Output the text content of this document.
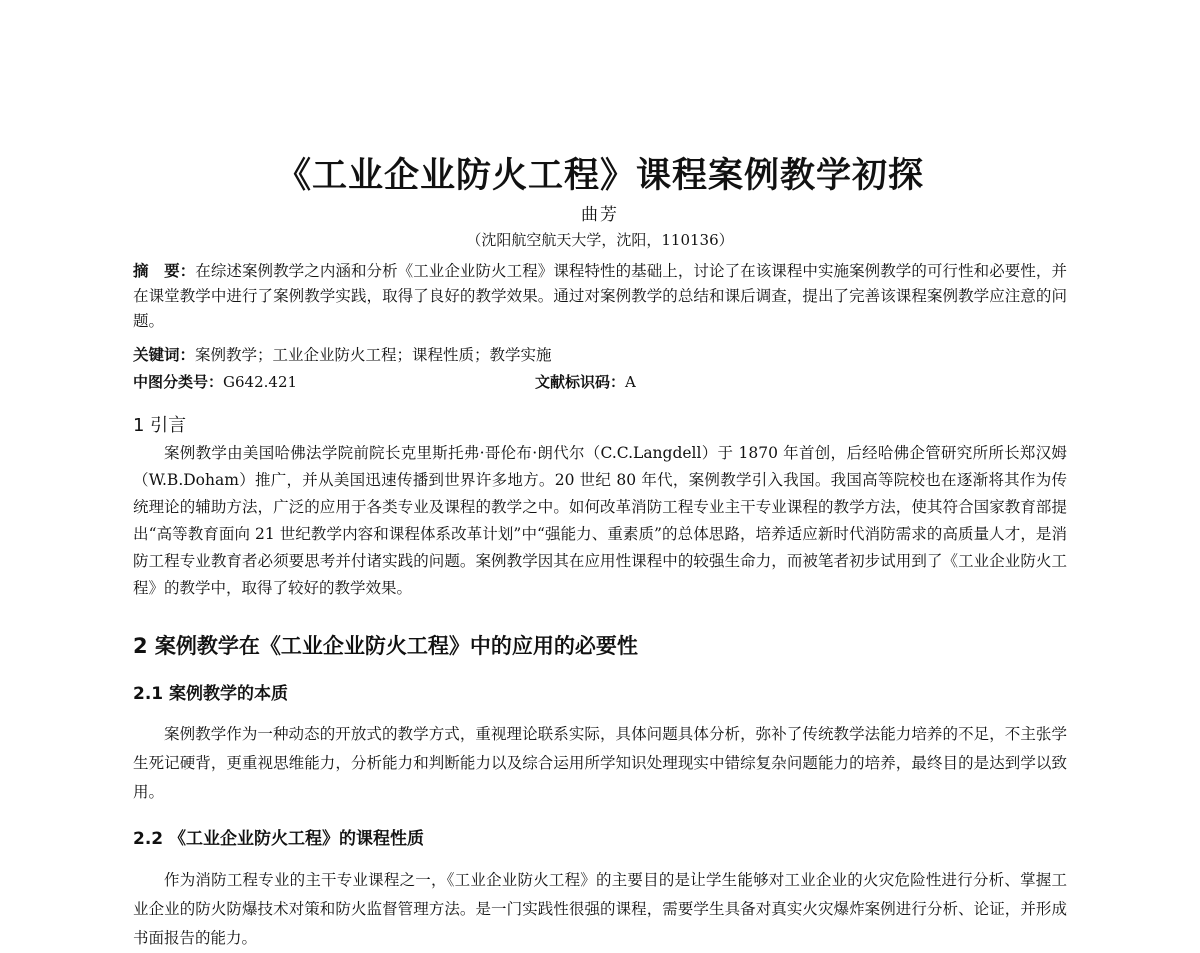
《工业企业防火工程》课程案例教学初探
曲芳
（沈阳航空航天大学，沈阳，110136）
摘　要：在综述案例教学之内涵和分析《工业企业防火工程》课程特性的基础上，讨论了在该课程中实施案例教学的可行性和必要性，并在课堂教学中进行了案例教学实践，取得了良好的教学效果。通过对案例教学的总结和课后调查，提出了完善该课程案例教学应注意的问题。
关键词：案例教学；工业企业防火工程；课程性质；教学实施
中图分类号：G642.421	文献标识码：A
1 引言
案例教学由美国哈佛法学院前院长克里斯托弗·哥伦布·朗代尔（C.C.Langdell）于 1870 年首创，后经哈佛企管研究所所长郑汉姆（W.B.Doham）推广，并从美国迅速传播到世界许多地方。20 世纪 80 年代，案例教学引入我国。我国高等院校也在逐渐将其作为传统理论的辅助方法，广泛的应用于各类专业及课程的教学之中。如何改革消防工程专业主干专业课程的教学方法，使其符合国家教育部提出“高等教育面向 21 世纪教学内容和课程体系改革计划”中“强能力、重素质”的总体思路，培养适应新时代消防需求的高质量人才，是消防工程专业教育者必须要思考并付诸实践的问题。案例教学因其在应用性课程中的较强生命力，而被笔者初步试用到了《工业企业防火工程》的教学中，取得了较好的教学效果。
2 案例教学在《工业企业防火工程》中的应用的必要性
2.1 案例教学的本质
案例教学作为一种动态的开放式的教学方式，重视理论联系实际，具体问题具体分析，弥补了传统教学法能力培养的不足，不主张学生死记硬背，更重视思维能力，分析能力和判断能力以及综合运用所学知识处理现实中错综复杂问题能力的培养，最终目的是达到学以致用。
2.2 《工业企业防火工程》的课程性质
作为消防工程专业的主干专业课程之一，《工业企业防火工程》的主要目的是让学生能够对工业企业的火灾危险性进行分析、掌握工业企业的防火防爆技术对策和防火监督管理方法。是一门实践性很强的课程，需要学生具备对真实火灾爆炸案例进行分析、论证，并形成书面报告的能力。
